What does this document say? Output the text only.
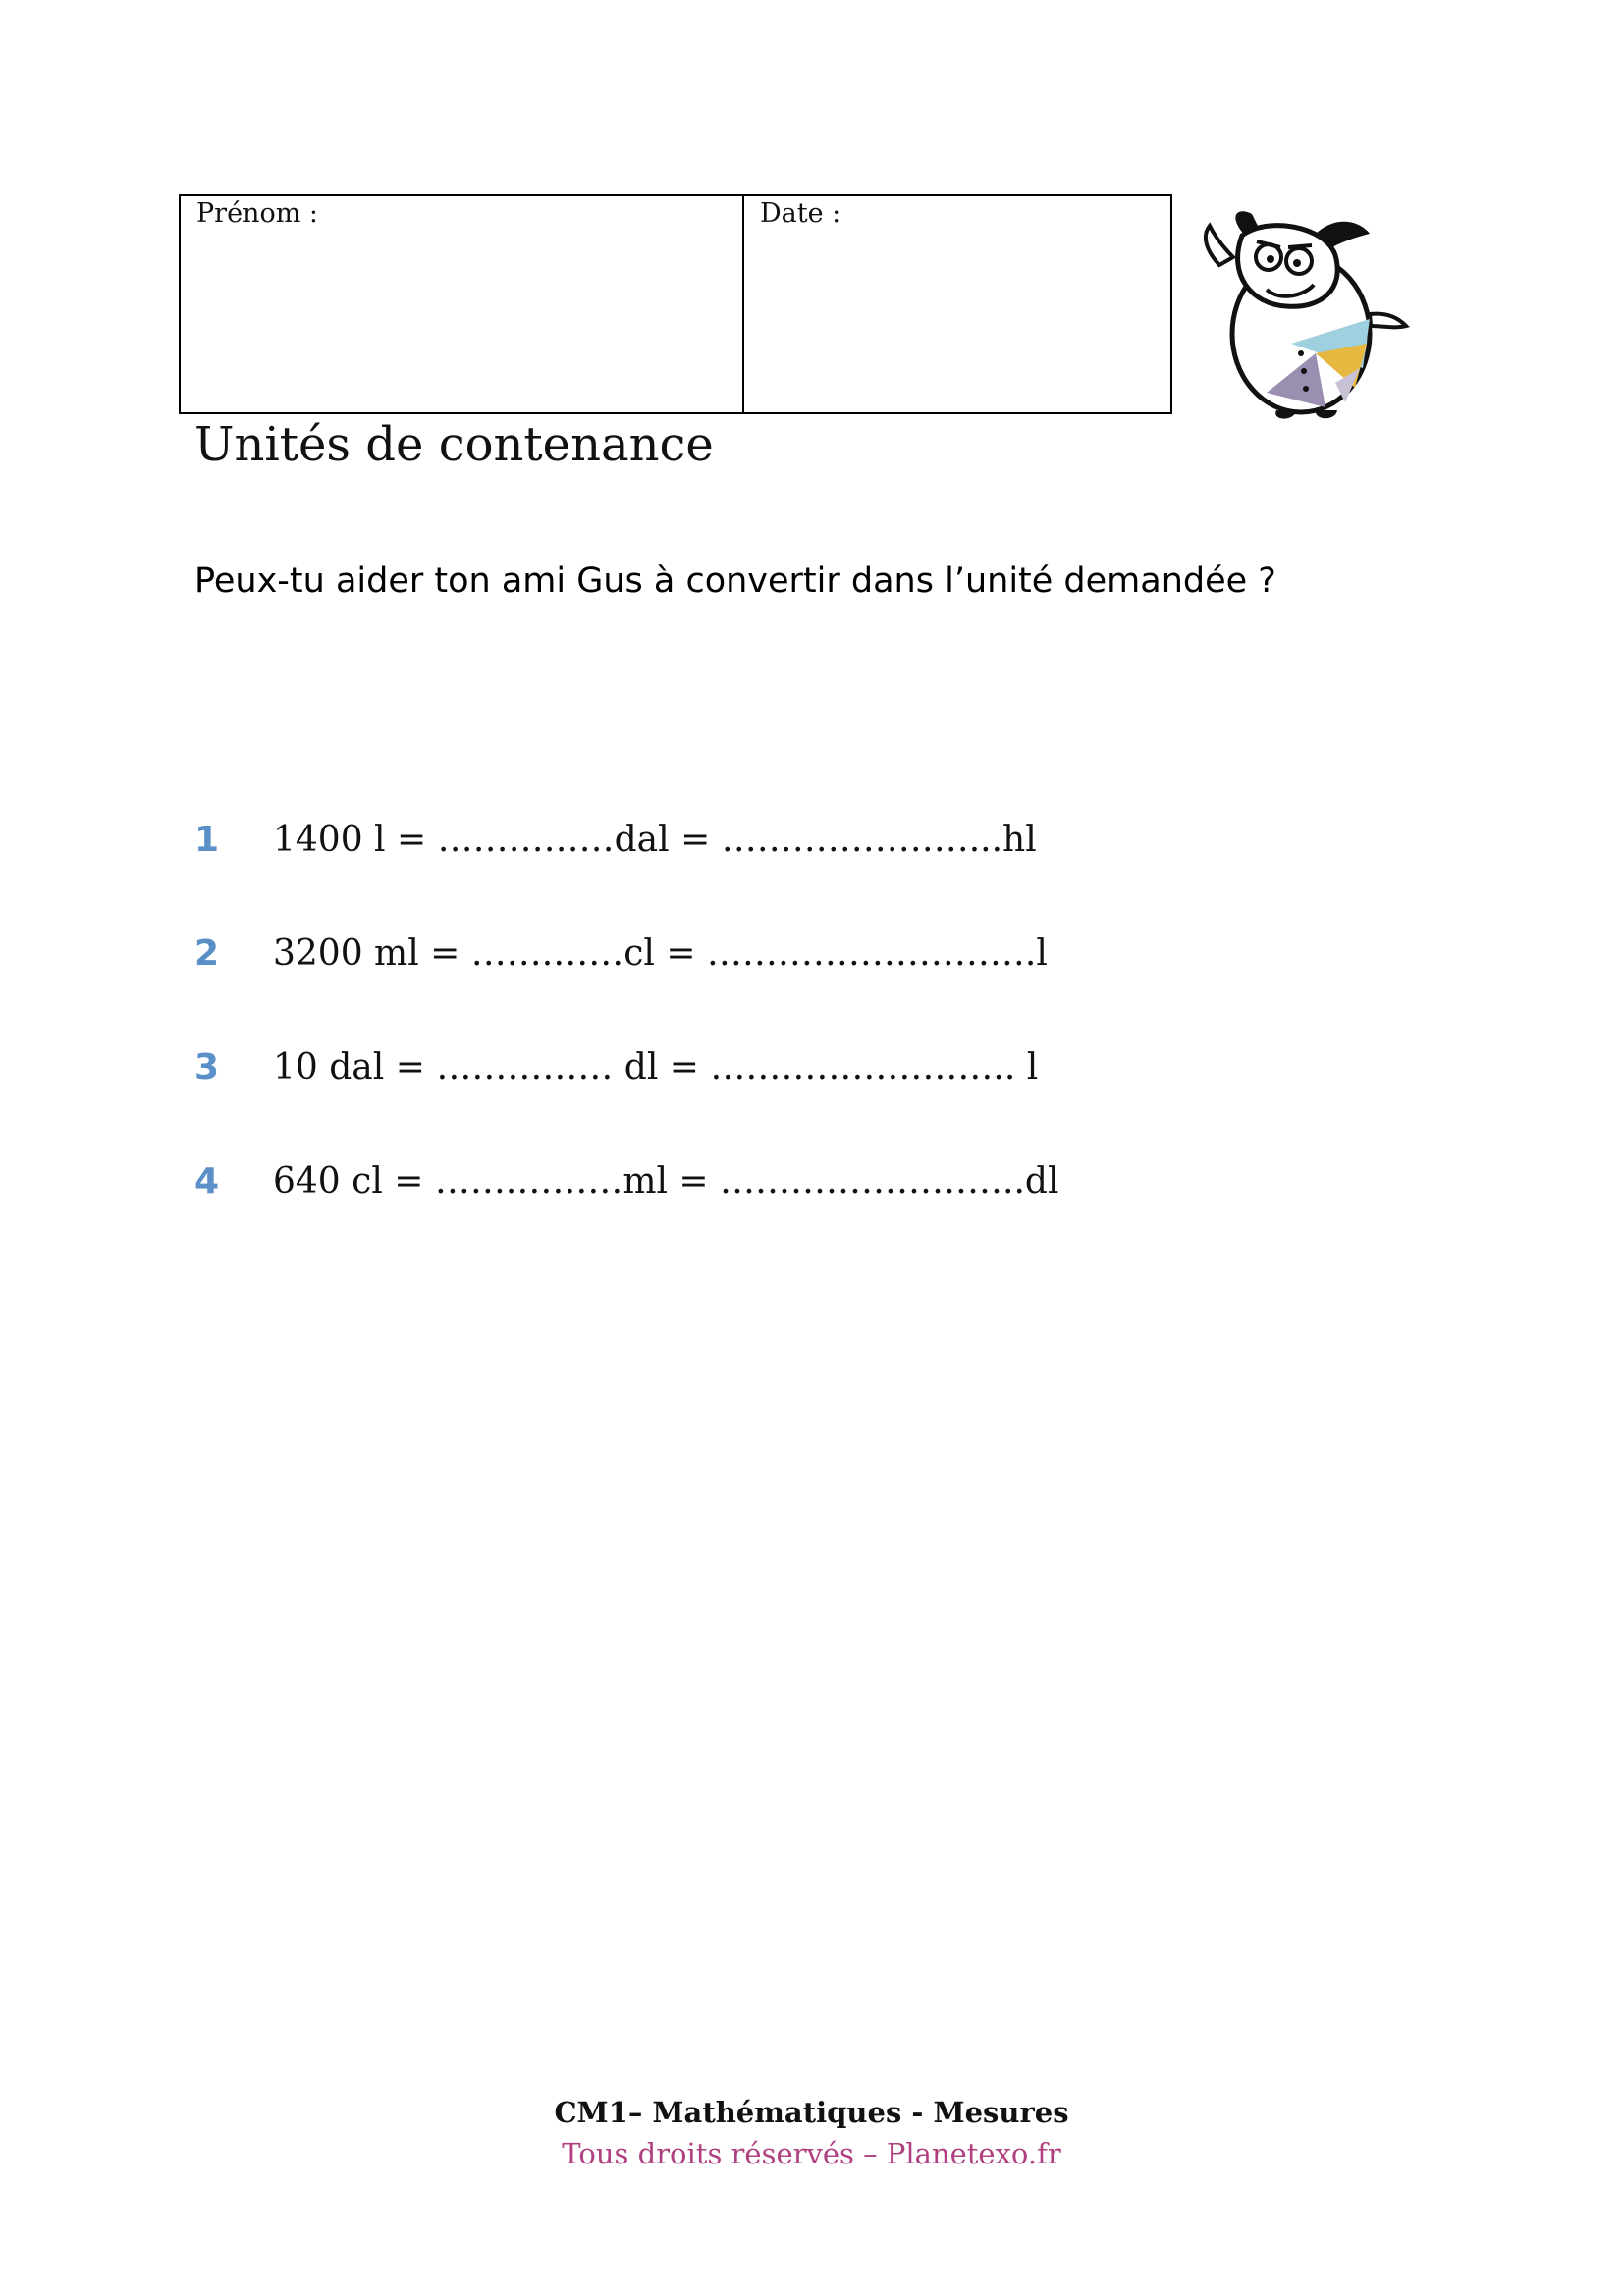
Prénom :	Date :
Unités de contenance
Peux-tu aider ton ami Gus à convertir dans l’unité demandée ?
1	1400 l = ……………dal = …………………...hl
2	3200 ml = …….……cl = ……………………….l
3	10 dal = …………… dl = …………………….. l
4	640 cl = …….………ml = ……………………..dl
CM1– Mathématiques - Mesures
Tous droits réservés – Planetexo.fr
